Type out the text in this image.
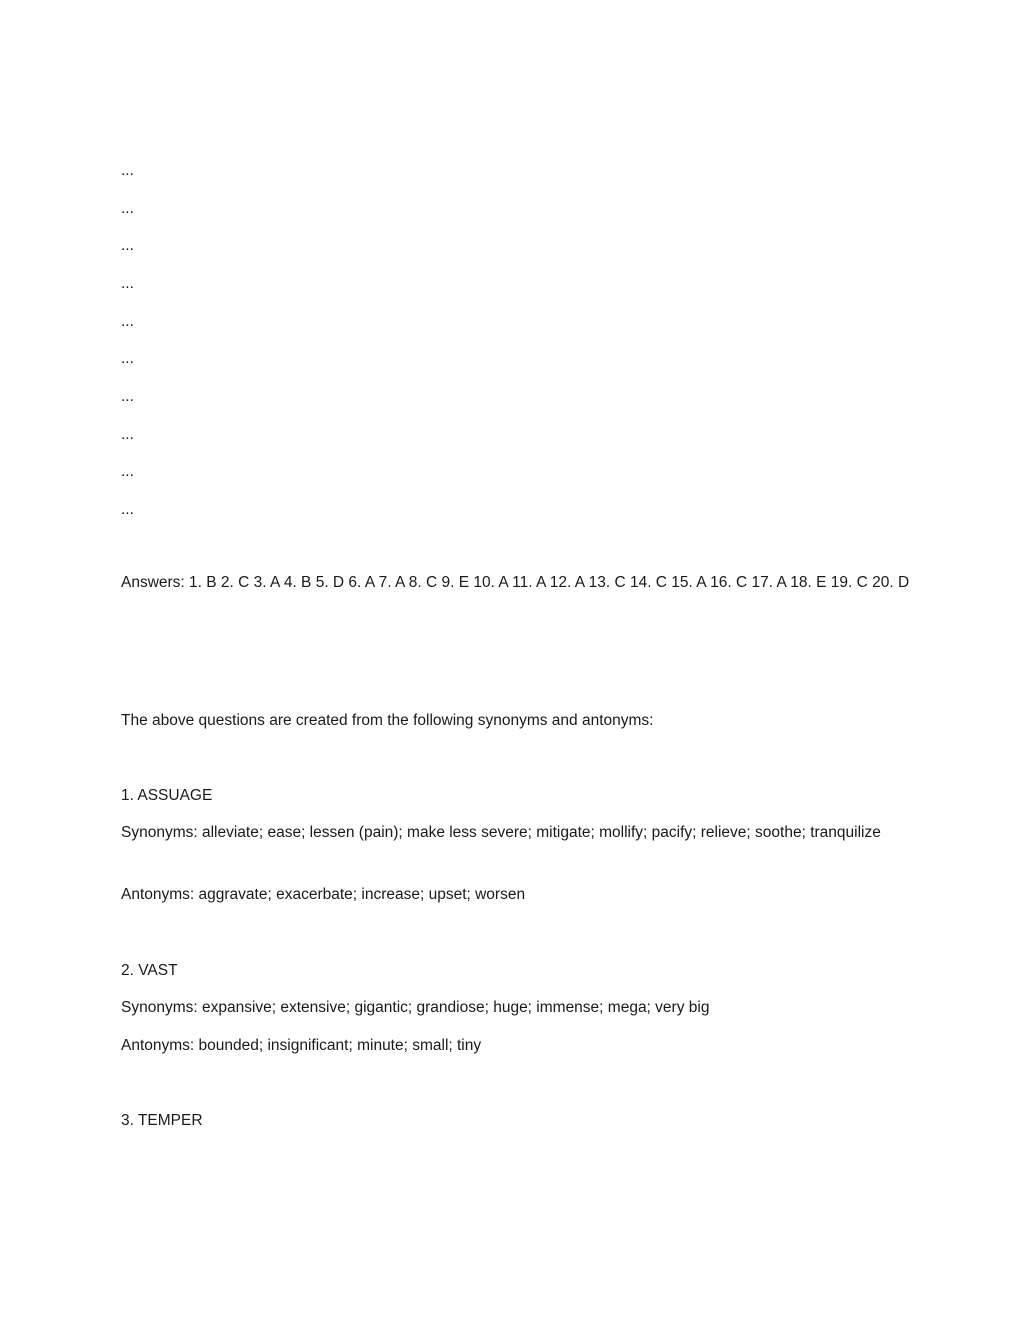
...

...

...

...

...

...

...

...

...

...

Answers: 1. B 2. C 3. A 4. B 5. D 6. A 7. A 8. C 9. E 10. A 11. A 12. A 13. C 14. C 15. A 16. C 17. A 18. E 19. C 20. D

The above questions are created from the following synonyms and antonyms:

1. ASSUAGE

Synonyms: alleviate; ease; lessen (pain); make less severe; mitigate; mollify; pacify; relieve; soothe; tranquilize

Antonyms: aggravate; exacerbate; increase; upset; worsen

2. VAST

Synonyms: expansive; extensive; gigantic; grandiose; huge; immense; mega; very big

Antonyms: bounded; insignificant; minute; small; tiny

3. TEMPER
